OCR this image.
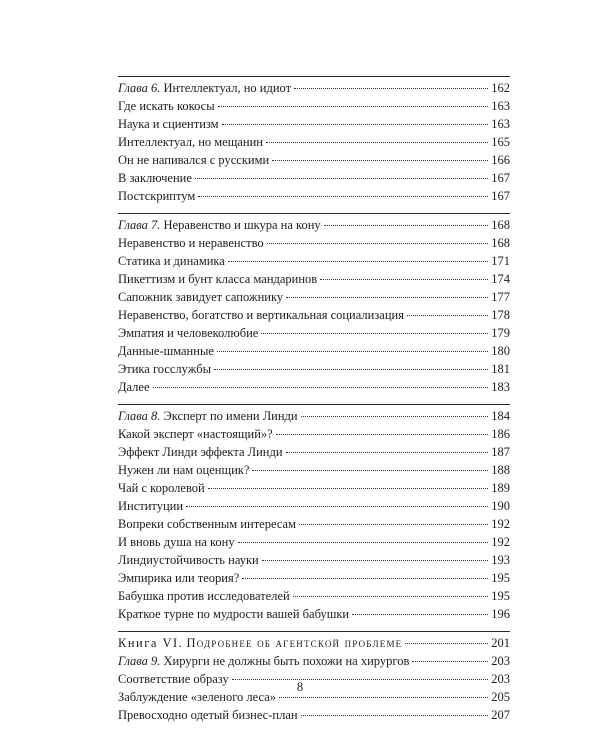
Глава 6. Интеллектуал, но идиот	162
Где искать кокосы	163
Наука и сциентизм	163
Интеллектуал, но мещанин	165
Он не напивался с русскими	166
В заключение	167
Постскриптум	167
Глава 7. Неравенство и шкура на кону	168
Неравенство и неравенство	168
Статика и динамика	171
Пикеттизм и бунт класса мандаринов	174
Сапожник завидует сапожнику	177
Неравенство, богатство и вертикальная социализация	178
Эмпатия и человеколюбие	179
Данные-шманные	180
Этика госслужбы	181
Далее	183
Глава 8. Эксперт по имени Линди	184
Какой эксперт «настоящий»?	186
Эффект Линди эффекта Линди	187
Нужен ли нам оценщик?	188
Чай с королевой	189
Институции	190
Вопреки собственным интересам	192
И вновь душа на кону	192
Линдиустойчивость науки	193
Эмпирика или теория?	195
Бабушка против исследователей	195
Краткое турне по мудрости вашей бабушки	196
Книга VI. Подробнее об агентской проблеме	201
Глава 9. Хирурги не должны быть похожи на хирургов	203
Соответствие образу	203
Заблуждение «зеленого леса»	205
Превосходно одетый бизнес-план	207
8
